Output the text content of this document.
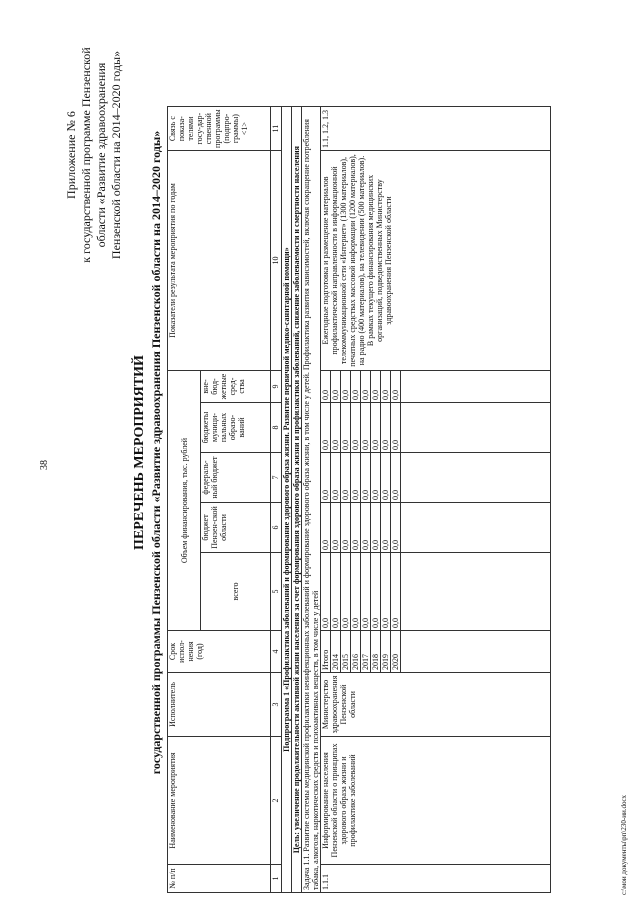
38
Приложение № 6 к государственной программе Пензенской области «Развитие здравоохранения Пензенской области на 2014–2020 годы»
ПЕРЕЧЕНЬ МЕРОПРИЯТИЙ государственной программы Пензенской области «Развитие здравоохранения Пензенской области на 2014–2020 годы»
№ п/п	Наименование мероприятия	Исполнитель	Срок испол-нения (год)	Объем финансирования, тыс. рублей					Показатели результата мероприятия по годам	Связь с показа-телями госу-дар-ственной программы (подпро-граммы) <1>
				всего	бюджет Пензен-ской области	федераль-ный бюджет	бюджеты муници-пальных образо-ваний	вне-бюд-жетные сред-ства		
1	2	3	4	5	6	7	8	9	10	11
Подпрограмма 1 «Профилактика заболеваний и формирование здорового образа жизни. Развитие первичной медико-санитарной помощи»										
Цель: увеличение продолжительности активной жизни населения за счет формирования здорового образа жизни и профилактики заболеваний, снижение заболеваемости и смертности населения										
Задача 1.1. Развитие системы медицинской профилактики неинфекционных заболеваний и формирование здорового образа жизни, в том числе у детей. Профилактика развития зависимостей, включая сокращение потребления табака, алкоголя, наркотических средств и психоактивных веществ, в том числе у детей										
1.1.1	Информирование населения Пензенской области о принципах здорового образа жизни и профилактике заболеваний	Министерство здравоохранения Пензенской области	Итого	0,0	0,0	0,0	0,0	0,0	Ежегодные подготовка и размещение материалов профилактической направленности в информационной телекоммуникационной сети «Интернет» (1300 материалов), печатных средствах массовой информации (1200 материалов), на радио (400 материалов), на телевидении (500 материалов). В рамках текущего финансирования медицинских организаций, подведомственных Министерству здравоохранения Пензенской области	1.1, 1.2, 1.3
			2014	0,0	0,0	0,0	0,0	0,0		
			2015	0,0	0,0	0,0	0,0	0,0		
			2016	0,0	0,0	0,0	0,0	0,0		
			2017	0,0	0,0	0,0	0,0	0,0		
			2018	0,0	0,0	0,0	0,0	0,0		
			2019	0,0	0,0	0,0	0,0	0,0		
			2020	0,0	0,0	0,0	0,0	0,0		

c:\мои документы\рп\230-ии.docx
